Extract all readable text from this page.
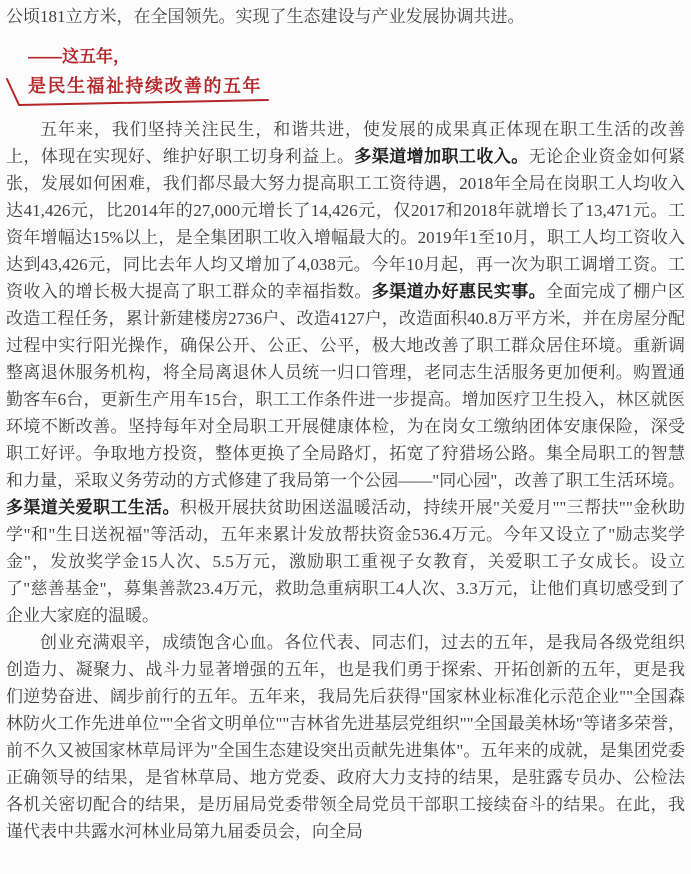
公顷181立方米，在全国领先。实现了生态建设与产业发展协调共进。

——这五年，
是民生福祉持续改善的五年

五年来，我们坚持关注民生，和谐共进，使发展的成果真正体现在职工生活的改善上，体现在实现好、维护好职工切身利益上。多渠道增加职工收入。无论企业资金如何紧张，发展如何困难，我们都尽最大努力提高职工工资待遇，2018年全局在岗职工人均收入达41,426元，比2014年的27,000元增长了14,426元，仅2017和2018年就增长了13,471元。工资年增幅达15%以上，是全集团职工收入增幅最大的。2019年1至10月，职工人均工资收入达到43,426元，同比去年人均又增加了4,038元。今年10月起，再一次为职工调增工资。工资收入的增长极大提高了职工群众的幸福指数。多渠道办好惠民实事。全面完成了棚户区改造工程任务，累计新建楼房2736户、改造4127户，改造面积40.8万平方米，并在房屋分配过程中实行阳光操作，确保公开、公正、公平，极大地改善了职工群众居住环境。重新调整离退休服务机构，将全局离退休人员统一归口管理，老同志生活服务更加便利。购置通勤客车6台，更新生产用车15台，职工工作条件进一步提高。增加医疗卫生投入，林区就医环境不断改善。坚持每年对全局职工开展健康体检，为在岗女工缴纳团体安康保险，深受职工好评。争取地方投资，整体更换了全局路灯，拓宽了狩猎场公路。集全局职工的智慧和力量，采取义务劳动的方式修建了我局第一个公园——"同心园"，改善了职工生活环境。多渠道关爱职工生活。积极开展扶贫助困送温暖活动，持续开展"关爱月""三帮扶""金秋助学"和"生日送祝福"等活动，五年来累计发放帮扶资金536.4万元。今年又设立了"励志奖学金"，发放奖学金15人次、5.5万元，激励职工重视子女教育，关爱职工子女成长。设立了"慈善基金"，募集善款23.4万元，救助急重病职工4人次、3.3万元，让他们真切感受到了企业大家庭的温暖。

创业充满艰辛，成绩饱含心血。各位代表、同志们，过去的五年，是我局各级党组织创造力、凝聚力、战斗力显著增强的五年，也是我们勇于探索、开拓创新的五年，更是我们逆势奋进、阔步前行的五年。五年来，我局先后获得"国家林业标准化示范企业""全国森林防火工作先进单位""全省文明单位""吉林省先进基层党组织""全国最美林场"等诸多荣誉，前不久又被国家林草局评为"全国生态建设突出贡献先进集体"。五年来的成就，是集团党委正确领导的结果，是省林草局、地方党委、政府大力支持的结果，是驻露专员办、公检法各机关密切配合的结果，是历届局党委带领全局党员干部职工接续奋斗的结果。在此，我谨代表中共露水河林业局第九届委员会，向全局
